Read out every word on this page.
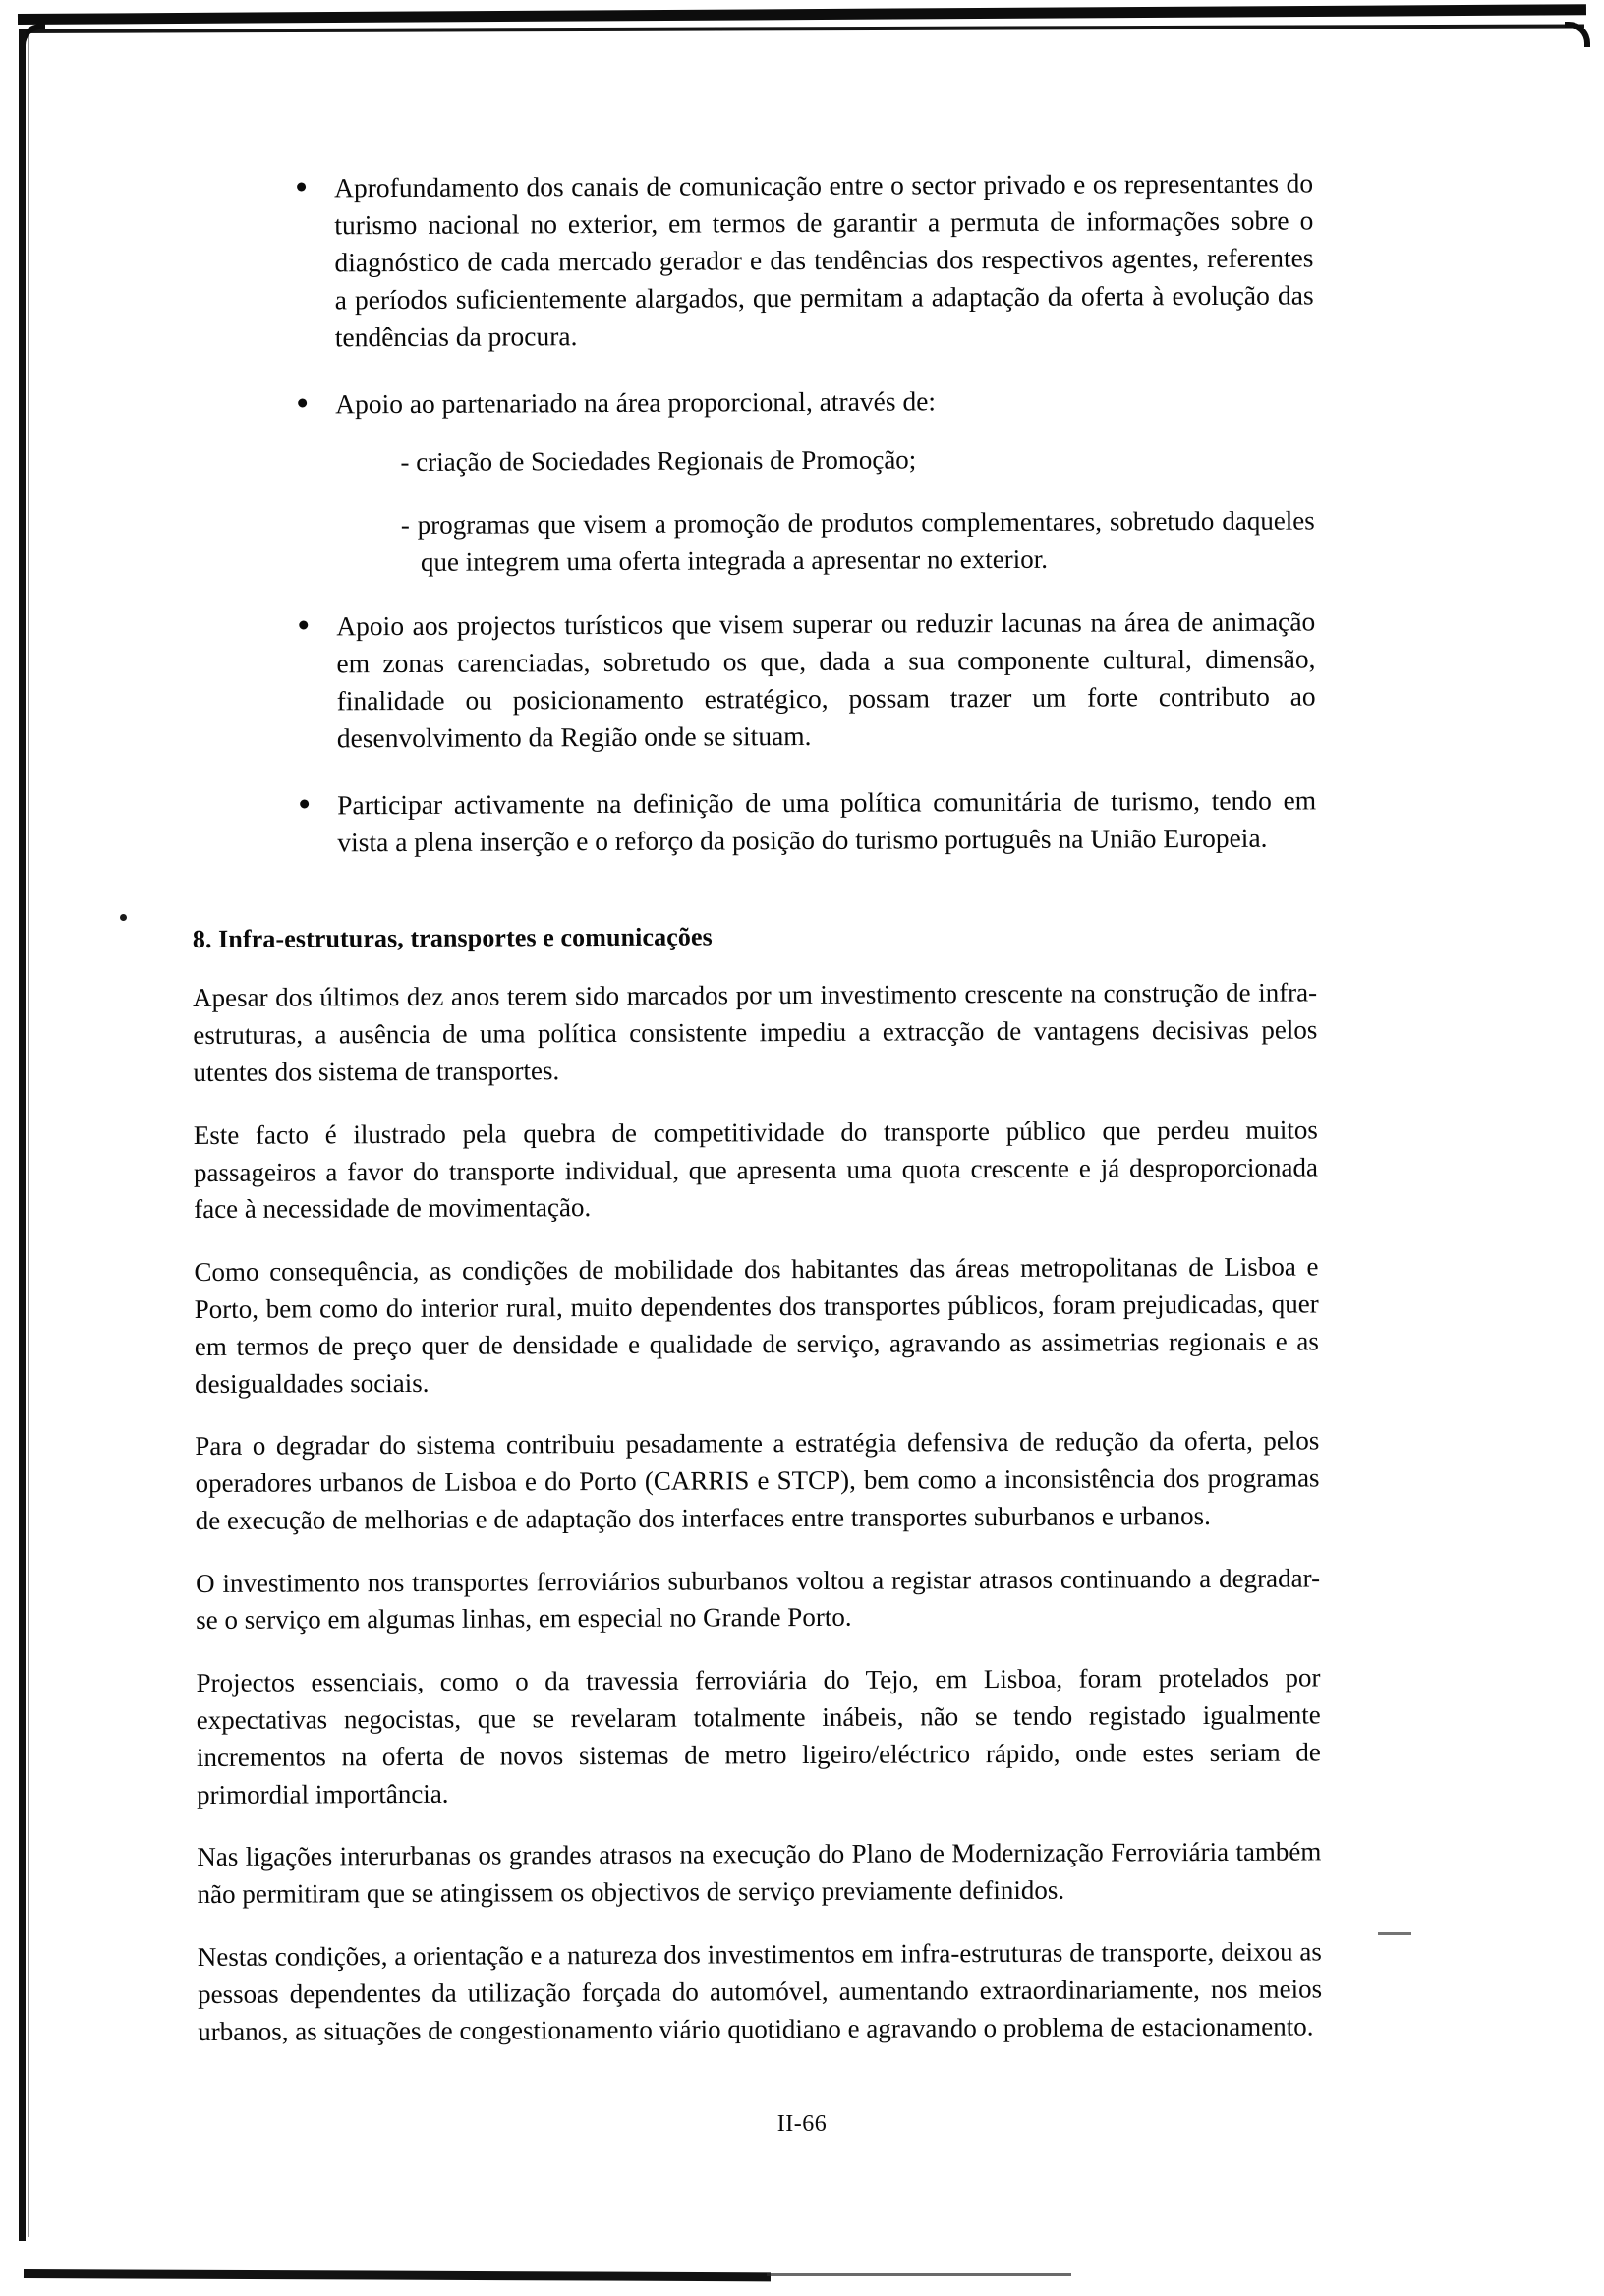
Aprofundamento dos canais de comunicação entre o sector privado e os representantes do turismo nacional no exterior, em termos de garantir a permuta de informações sobre o diagnóstico de cada mercado gerador e das tendências dos respectivos agentes, referentes a períodos suficientemente alargados, que permitam a adaptação da oferta à evolução das tendências da procura.
Apoio ao partenariado na área proporcional, através de:
- criação de Sociedades Regionais de Promoção;
- programas que visem a promoção de produtos complementares, sobretudo daqueles que integrem uma oferta integrada a apresentar no exterior.
Apoio aos projectos turísticos que visem superar ou reduzir lacunas na área de animação em zonas carenciadas, sobretudo os que, dada a sua componente cultural, dimensão, finalidade ou posicionamento estratégico, possam trazer um forte contributo ao desenvolvimento da Região onde se situam.
Participar activamente na definição de uma política comunitária de turismo, tendo em vista a plena inserção e o reforço da posição do turismo português na União Europeia.
8. Infra-estruturas, transportes e comunicações

Apesar dos últimos dez anos terem sido marcados por um investimento crescente na construção de infra-estruturas, a ausência de uma política consistente impediu a extracção de vantagens decisivas pelos utentes dos sistema de transportes.

Este facto é ilustrado pela quebra de competitividade do transporte público que perdeu muitos passageiros a favor do transporte individual, que apresenta uma quota crescente e já desproporcionada face à necessidade de movimentação.

Como consequência, as condições de mobilidade dos habitantes das áreas metropolitanas de Lisboa e Porto, bem como do interior rural, muito dependentes dos transportes públicos, foram prejudicadas, quer em termos de preço quer de densidade e qualidade de serviço, agravando as assimetrias regionais e as desigualdades sociais.

Para o degradar do sistema contribuiu pesadamente a estratégia defensiva de redução da oferta, pelos operadores urbanos de Lisboa e do Porto (CARRIS e STCP), bem como a inconsistência dos programas de execução de melhorias e de adaptação dos interfaces entre transportes suburbanos e urbanos.

O investimento nos transportes ferroviários suburbanos voltou a registar atrasos continuando a degradar-se o serviço em algumas linhas, em especial no Grande Porto.

Projectos essenciais, como o da travessia ferroviária do Tejo, em Lisboa, foram protelados por expectativas negocistas, que se revelaram totalmente inábeis, não se tendo registado igualmente incrementos na oferta de novos sistemas de metro ligeiro/eléctrico rápido, onde estes seriam de primordial importância.

Nas ligações interurbanas os grandes atrasos na execução do Plano de Modernização Ferroviária também não permitiram que se atingissem os objectivos de serviço previamente definidos.

Nestas condições, a orientação e a natureza dos investimentos em infra-estruturas de transporte, deixou as pessoas dependentes da utilização forçada do automóvel, aumentando extraordinariamente, nos meios urbanos, as situações de congestionamento viário quotidiano e agravando o problema de estacionamento.

II-66
